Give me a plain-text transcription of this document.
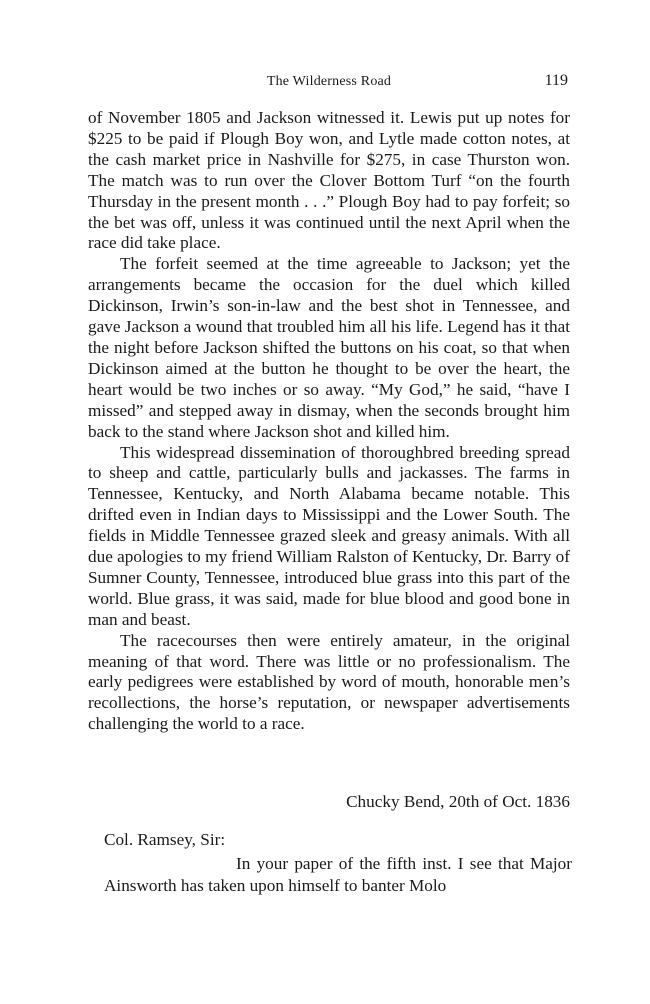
The Wilderness Road	119

of November 1805 and Jackson witnessed it. Lewis put up notes for $225 to be paid if Plough Boy won, and Lytle made cotton notes, at the cash market price in Nashville for $275, in case Thurston won. The match was to run over the Clover Bottom Turf “on the fourth Thursday in the present month . . .” Plough Boy had to pay forfeit; so the bet was off, unless it was continued until the next April when the race did take place.

The forfeit seemed at the time agreeable to Jackson; yet the arrangements became the occasion for the duel which killed Dickinson, Irwin’s son-in-law and the best shot in Tennessee, and gave Jackson a wound that troubled him all his life. Legend has it that the night before Jackson shifted the buttons on his coat, so that when Dickinson aimed at the button he thought to be over the heart, the heart would be two inches or so away. “My God,” he said, “have I missed” and stepped away in dismay, when the seconds brought him back to the stand where Jackson shot and killed him.

This widespread dissemination of thoroughbred breeding spread to sheep and cattle, particularly bulls and jackasses. The farms in Tennessee, Kentucky, and North Alabama became notable. This drifted even in Indian days to Mississippi and the Lower South. The fields in Middle Tennessee grazed sleek and greasy animals. With all due apologies to my friend William Ralston of Kentucky, Dr. Barry of Sumner County, Tennessee, introduced blue grass into this part of the world. Blue grass, it was said, made for blue blood and good bone in man and beast.

The racecourses then were entirely amateur, in the original meaning of that word. There was little or no professionalism. The early pedigrees were established by word of mouth, honorable men’s recollections, the horse’s reputation, or newspaper advertisements challenging the world to a race.

Chucky Bend, 20th of Oct. 1836
Col. Ramsey, Sir:

In your paper of the fifth inst. I see that Major Ainsworth has taken upon himself to banter Molo
